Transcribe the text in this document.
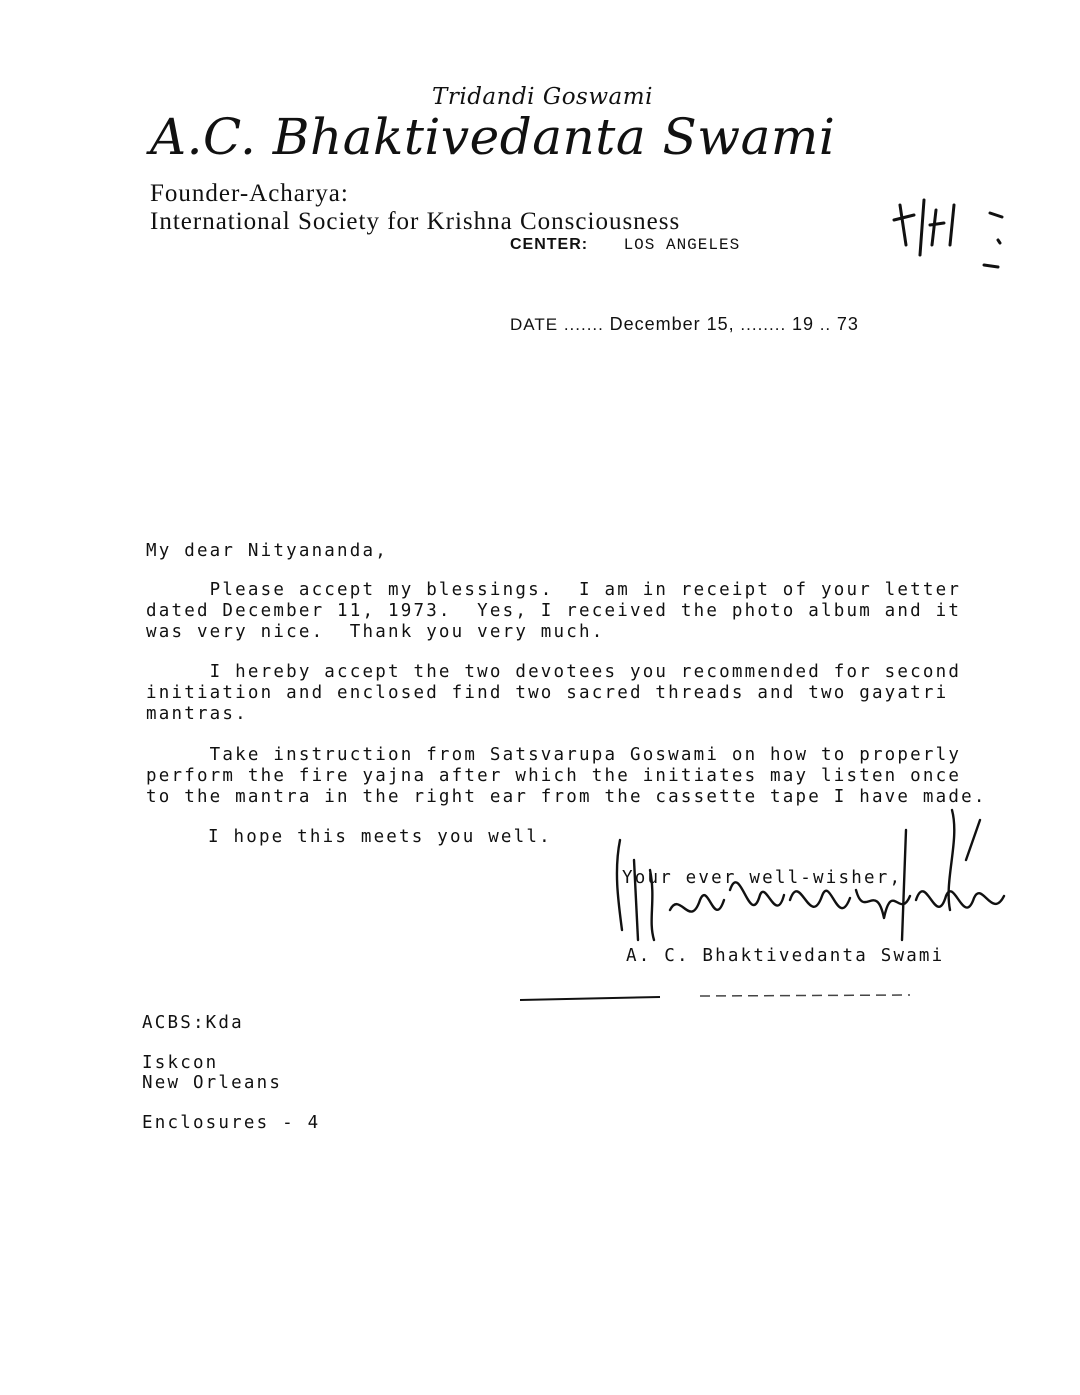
Tridandi Goswami
A.C. Bhaktivedanta Swami
Founder-Acharya:
International Society for Krishna Consciousness
CENTER: LOS ANGELES
DATE ....... December 15, ........ 19 .. 73
My dear Nityananda,
Please accept my blessings.  I am in receipt of your letter
dated December 11, 1973.  Yes, I received the photo album and it
was very nice.  Thank you very much.
I hereby accept the two devotees you recommended for second
initiation and enclosed find two sacred threads and two gayatri
mantras.
Take instruction from Satsvarupa Goswami on how to properly
perform the fire yajna after which the initiates may listen once
to the mantra in the right ear from the cassette tape I have made.
I hope this meets you well.
Your ever well-wisher,
A. C. Bhaktivedanta Swami
ACBS:Kda
Iskcon
New Orleans
Enclosures - 4
